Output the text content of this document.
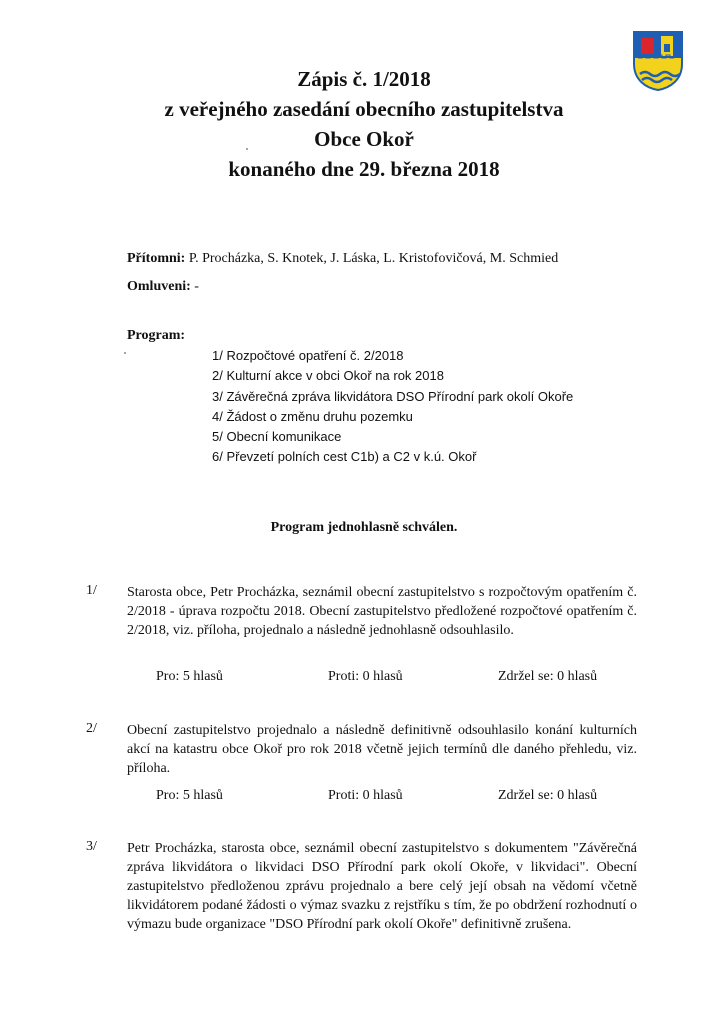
Zápis č. 1/2018

z veřejného zasedání obecního zastupitelstva

Obce Okoř

konaného dne 29. března 2018

Přítomni: P. Procházka, S. Knotek, J. Láska, L. Kristofovičová, M. Schmied
Omluveni: -
Program:
1/ Rozpočtové opatření č. 2/2018
2/ Kulturní akce v obci Okoř na rok 2018
3/ Závěrečná zpráva likvidátora DSO Přírodní park okolí Okoře
4/ Žádost o změnu druhu pozemku
5/ Obecní komunikace
6/ Převzetí polních cest C1b) a C2 v k.ú. Okoř
Program jednohlasně schválen.
1/ Starosta obce, Petr Procházka, seznámil obecní zastupitelstvo s rozpočtovým opatřením č. 2/2018 - úprava rozpočtu 2018. Obecní zastupitelstvo předložené rozpočtové opatřením č. 2/2018, viz. příloha, projednalo a následně jednohlasně odsouhlasilo.
Pro: 5 hlasů	Proti: 0 hlasů	Zdržel se: 0 hlasů
2/ Obecní zastupitelstvo projednalo a následně definitivně odsouhlasilo konání kulturních akcí na katastru obce Okoř pro rok 2018 včetně jejich termínů dle daného přehledu, viz. příloha.
Pro: 5 hlasů	Proti: 0 hlasů	Zdržel se: 0 hlasů
3/ Petr Procházka, starosta obce, seznámil obecní zastupitelstvo s dokumentem "Závěrečná zpráva likvidátora o likvidaci DSO Přírodní park okolí Okoře, v likvidaci". Obecní zastupitelstvo předloženou zprávu projednalo a bere celý její obsah na vědomí včetně likvidátorem podané žádosti o výmaz svazku z rejstříku s tím, že po obdržení rozhodnutí o výmazu bude organizace "DSO Přírodní park okolí Okoře" definitivně zrušena.
